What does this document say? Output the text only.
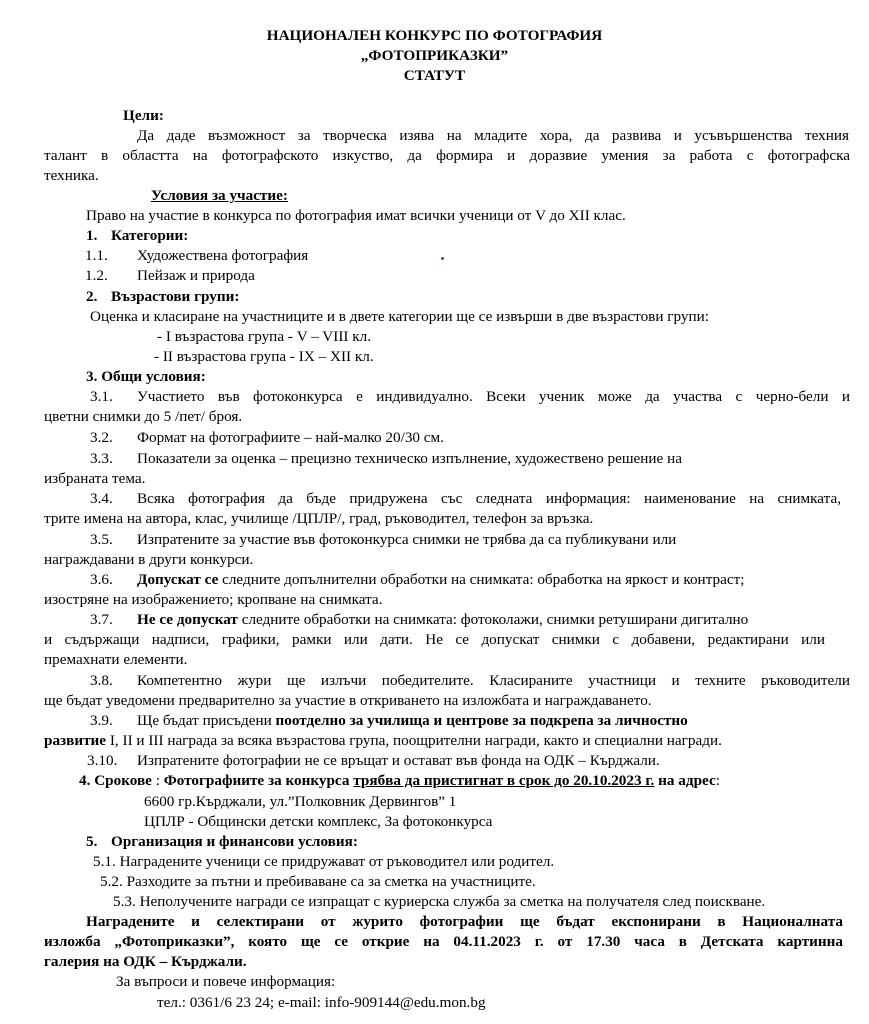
НАЦИОНАЛЕН КОНКУРС ПО ФОТОГРАФИЯ
„ФОТОПРИКАЗКИ”
СТАТУТ
Цели:
Да даде възможност за творческа изява на младите хора, да развива и усъвършенства техния
талант в областта на фотографското изкуство, да формира и доразвие умения за работа с фотографска
техника.
Условия за участие:
Право на участие в конкурса по фотография имат всички ученици от V до XII клас.
1. Категории:
1.1. Художествена фотография
1.2. Пейзаж и природа
2. Възрастови групи:
Оценка и класиране на участниците и в двете категории ще се извърши в две възрастови групи:
- І възрастова група - V – VIII кл.
- ІІ възрастова група - IX – XII кл.
3. Общи условия:
3.1. Участието във фотоконкурса е индивидуално. Всеки ученик може да участва с черно-бели и
цветни снимки до 5 /пет/ броя.
3.2. Формат на фотографиите – най-малко 20/30 см.
3.3. Показатели за оценка – прецизно техническо изпълнение, художествено решение на
избраната тема.
3.4. Всяка фотография да бъде придружена със следната информация: наименование на снимката,
трите имена на автора, клас, училище /ЦПЛР/, град, ръководител, телефон за връзка.
3.5. Изпратените за участие във фотоконкурса снимки не трябва да са публикувани или
награждавани в други конкурси.
3.6. Допускат се следните допълнителни обработки на снимката: обработка на яркост и контраст;
изостряне на изображението; кропване на снимката.
3.7. Не се допускат следните обработки на снимката: фотоколажи, снимки ретуширани дигитално
и съдържащи надписи, графики, рамки или дати. Не се допускат снимки с добавени, редактирани или
премахнати елементи.
3.8. Компетентно жури ще излъчи победителите. Класираните участници и техните ръководители
ще бъдат уведомени предварително за участие в откриването на изложбата и награждаването.
3.9. Ще бъдат присъдени поотделно за училища и центрове за подкрепа за личностно
развитие І, ІІ и ІІІ награда за всяка възрастова група, поощрителни награди, както и специални награди.
3.10. Изпратените фотографии не се връщат и остават във фонда на ОДК – Кърджали.
4. Срокове : Фотографиите за конкурса трябва да пристигнат в срок до 20.10.2023 г. на адрес:
6600 гр.Кърджали, ул.”Полковник Дервингов” 1
ЦПЛР - Общински детски комплекс, За фотоконкурса
5. Организация и финансови условия:
5.1. Наградените ученици се придружават от ръководител или родител.
5.2. Разходите за пътни и пребиваване са за сметка на участниците.
5.3. Неполучените награди се изпращат с куриерска служба за сметка на получателя след поискване.
Наградените и селектирани от журито фотографии ще бъдат експонирани в Националната
изложба „Фотоприказки”, която ще се открие на 04.11.2023 г. от 17.30 часа в Детската картинна
галерия на ОДК – Кърджали.
За въпроси и повече информация:
тел.: 0361/6 23 24; e-mail: info-909144@edu.mon.bg
